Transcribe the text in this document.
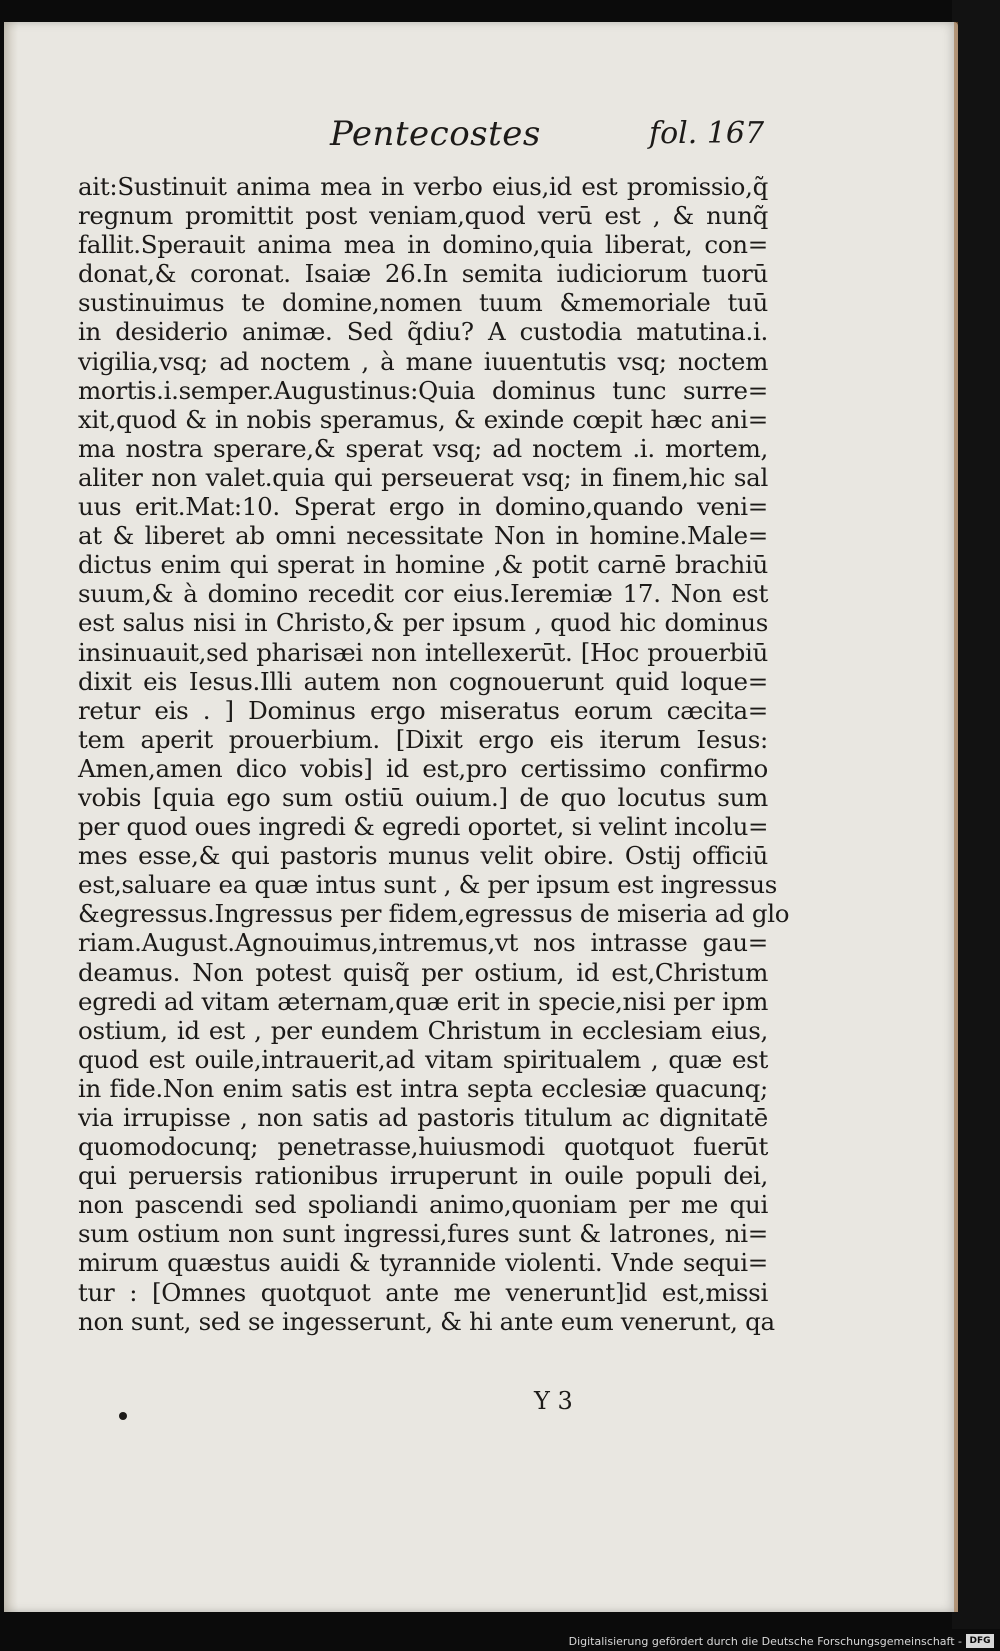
Pentecostes	fol. 167
ait:Sustinuit anima mea in verbo eius,id est promissio,q̃
regnum promittit post veniam,quod verū est , & nunq̃
fallit.Sperauit anima mea in domino,quia liberat, con=
donat,& coronat. Isaiæ 26.In semita iudiciorum tuorū
sustinuimus te domine,nomen tuum &memoriale tuū
in desiderio animæ. Sed q̃diu? A custodia matutina.i.
vigilia,vsq; ad noctem , à mane iuuentutis vsq; noctem
mortis.i.semper.Augustinus:Quia dominus tunc surre=
xit,quod & in nobis speramus, & exinde cœpit hæc ani=
ma nostra sperare,& sperat vsq; ad noctem .i. mortem,
aliter non valet.quia qui perseuerat vsq; in finem,hic sal
uus erit.Mat:10. Sperat ergo in domino,quando veni=
at & liberet ab omni necessitate Non in homine.Male=
dictus enim qui sperat in homine ,& potit carnē brachiū
suum,& à domino recedit cor eius.Ieremiæ 17. Non est
est salus nisi in Christo,& per ipsum , quod hic dominus
insinuauit,sed pharisæi non intellexerūt. [Hoc prouerbiū
dixit eis Iesus.Illi autem non cognouerunt quid loque=
retur eis . ] Dominus ergo miseratus eorum cæcita=
tem aperit prouerbium. [Dixit ergo eis iterum Iesus:
Amen,amen dico vobis] id est,pro certissimo confirmo
vobis [quia ego sum ostiū ouium.] de quo locutus sum
per quod oues ingredi & egredi oportet, si velint incolu=
mes esse,& qui pastoris munus velit obire. Ostij officiū
est,saluare ea quæ intus sunt , & per ipsum est ingressus
&egressus.Ingressus per fidem,egressus de miseria ad glo
riam.August.Agnouimus,intremus,vt nos intrasse gau=
deamus. Non potest quisq̃ per ostium, id est,Christum
egredi ad vitam æternam,quæ erit in specie,nisi per ipm
ostium, id est , per eundem Christum in ecclesiam eius,
quod est ouile,intrauerit,ad vitam spiritualem , quæ est
in fide.Non enim satis est intra septa ecclesiæ quacunq;
via irrupisse , non satis ad pastoris titulum ac dignitatē
quomodocunq; penetrasse,huiusmodi quotquot fuerūt
qui peruersis rationibus irruperunt in ouile populi dei,
non pascendi sed spoliandi animo,quoniam per me qui
sum ostium non sunt ingressi,fures sunt & latrones, ni=
mirum quæstus auidi & tyrannide violenti. Vnde sequi=
tur : [Omnes quotquot ante me venerunt]id est,missi
non sunt, sed se ingesserunt, & hi ante eum venerunt, qa
Y 3
Digitalisierung gefördert durch die Deutsche Forschungsgemeinschaft - DFG
